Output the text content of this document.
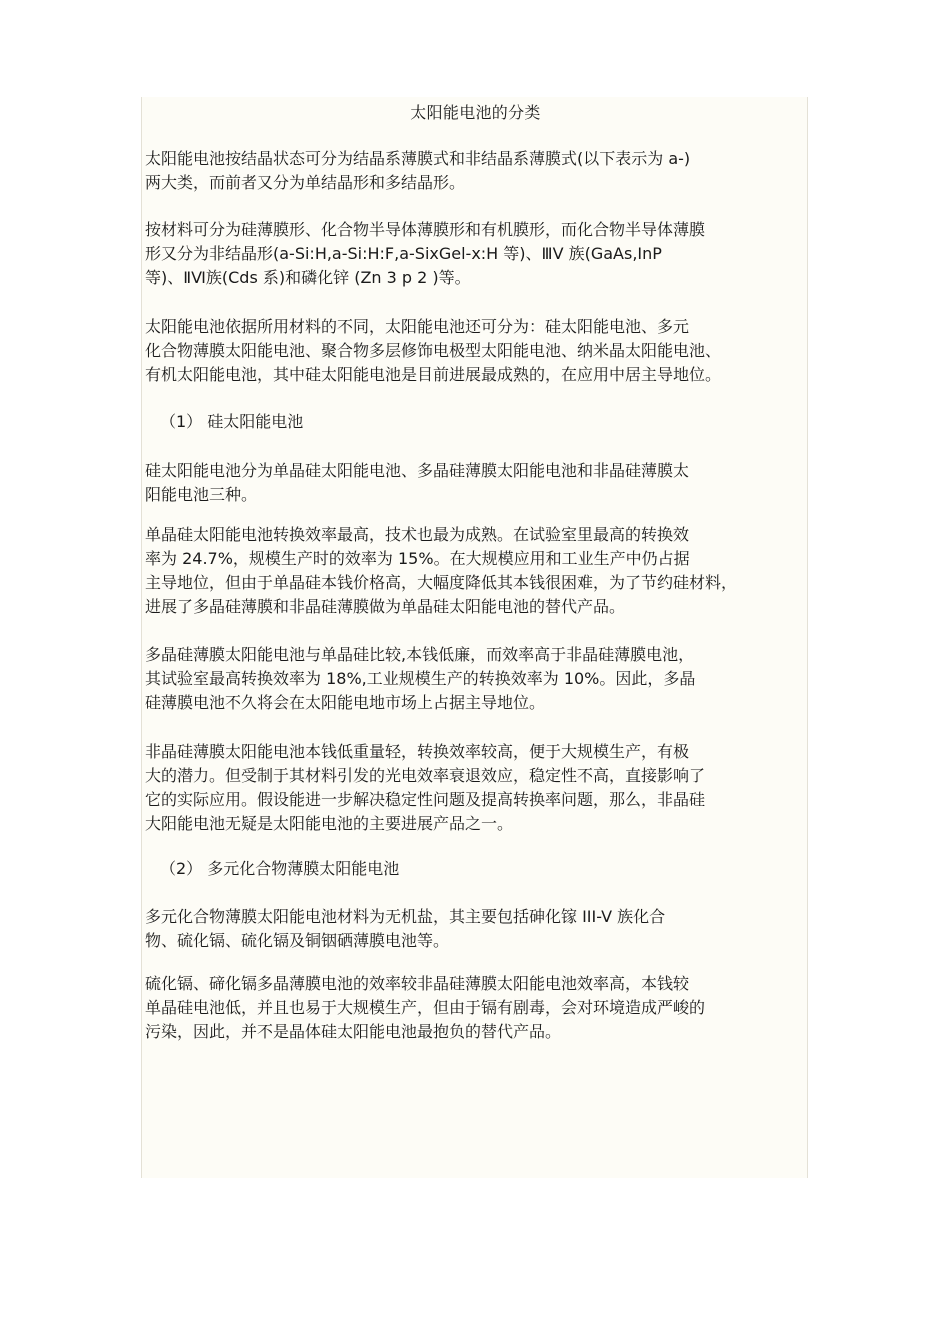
太阳能电池的分类

太阳能电池按结晶状态可分为结晶系薄膜式和非结晶系薄膜式(以下表示为 a-)
两大类，而前者又分为单结晶形和多结晶形。

按材料可分为硅薄膜形、化合物半导体薄膜形和有机膜形，而化合物半导体薄膜
形又分为非结晶形(a-Si:H,a-Si:H:F,a-SixGel-x:H 等)、ⅢⅤ 族(GaAs,InP
等)、ⅡⅥ族(Cds 系)和磷化锌 (Zn 3 p 2 )等。

太阳能电池依据所用材料的不同，太阳能电池还可分为：硅太阳能电池、多元
化合物薄膜太阳能电池、聚合物多层修饰电极型太阳能电池、纳米晶太阳能电池、
有机太阳能电池，其中硅太阳能电池是目前进展最成熟的，在应用中居主导地位。

（1） 硅太阳能电池

硅太阳能电池分为单晶硅太阳能电池、多晶硅薄膜太阳能电池和非晶硅薄膜太
阳能电池三种。

单晶硅太阳能电池转换效率最高，技术也最为成熟。在试验室里最高的转换效
率为 24.7%，规模生产时的效率为 15%。在大规模应用和工业生产中仍占据
主导地位，但由于单晶硅本钱价格高，大幅度降低其本钱很困难，为了节约硅材料，
进展了多晶硅薄膜和非晶硅薄膜做为单晶硅太阳能电池的替代产品。

多晶硅薄膜太阳能电池与单晶硅比较,本钱低廉，而效率高于非晶硅薄膜电池，
其试验室最高转换效率为 18%,工业规模生产的转换效率为 10%。因此，多晶
硅薄膜电池不久将会在太阳能电地市场上占据主导地位。

非晶硅薄膜太阳能电池本钱低重量轻，转换效率较高，便于大规模生产，有极
大的潜力。但受制于其材料引发的光电效率衰退效应，稳定性不高，直接影响了
它的实际应用。假设能进一步解决稳定性问题及提高转换率问题，那么，非晶硅
大阳能电池无疑是太阳能电池的主要进展产品之一。

（2） 多元化合物薄膜太阳能电池

多元化合物薄膜太阳能电池材料为无机盐，其主要包括砷化镓 III-V 族化合
物、硫化镉、硫化镉及铜铟硒薄膜电池等。

硫化镉、碲化镉多晶薄膜电池的效率较非晶硅薄膜太阳能电池效率高，本钱较
单晶硅电池低，并且也易于大规模生产，但由于镉有剧毒，会对环境造成严峻的
污染，因此，并不是晶体硅太阳能电池最抱负的替代产品。
